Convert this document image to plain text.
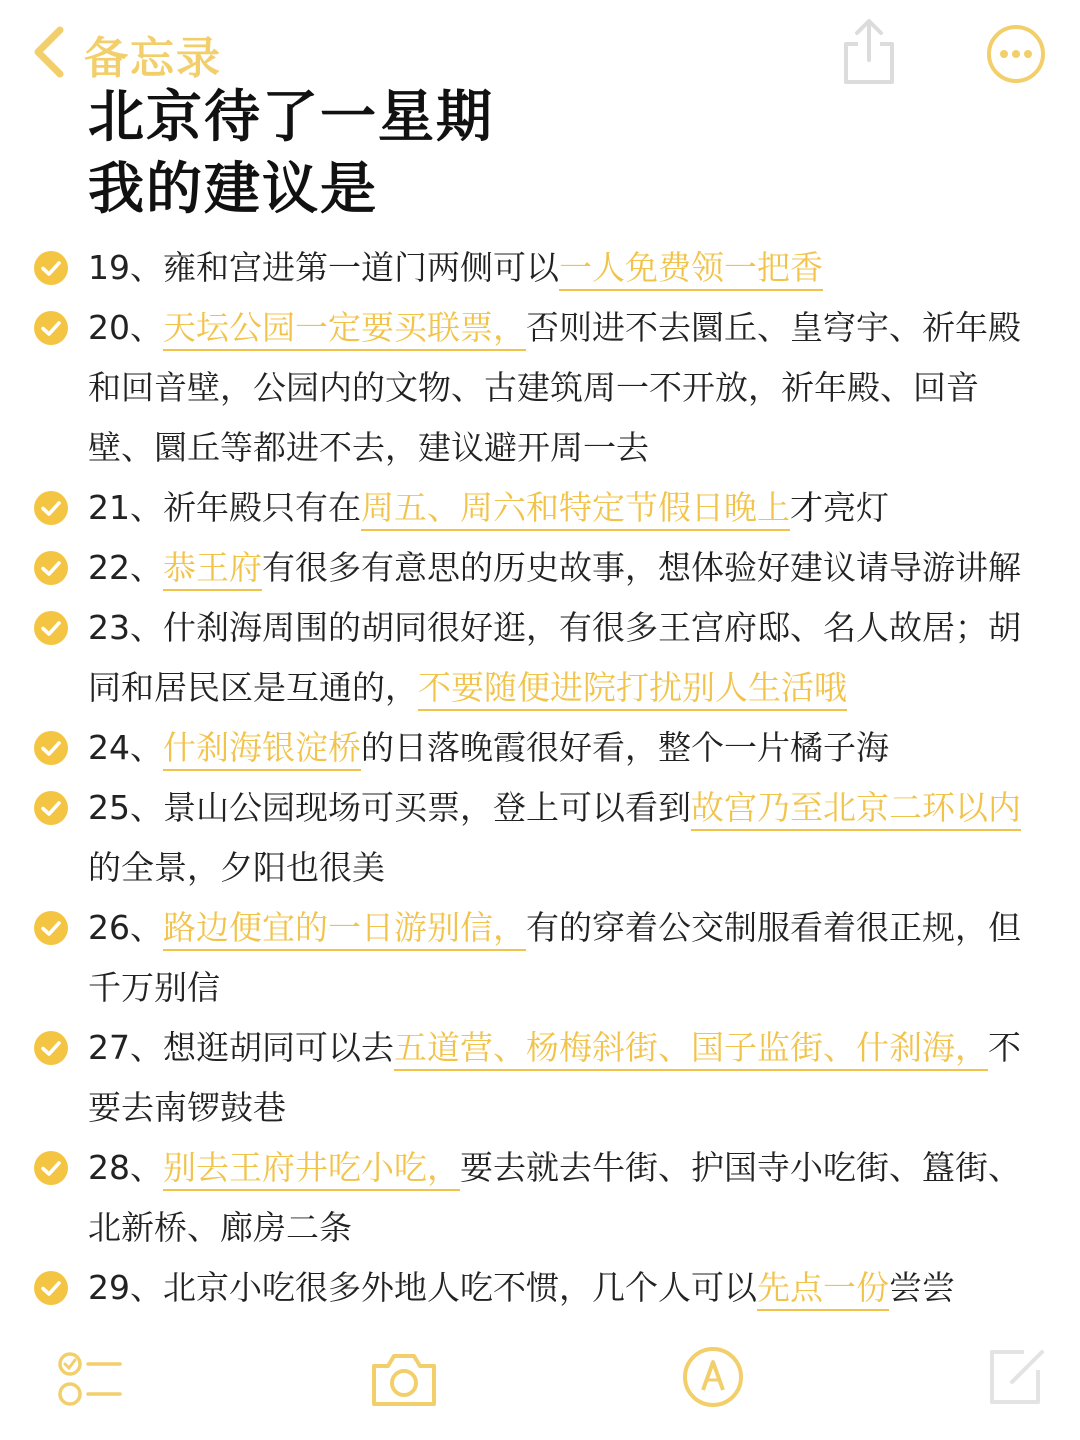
备忘录
北京待了一星期
我的建议是
19、雍和宫进第一道门两侧可以一人免费领一把香
20、天坛公园一定要买联票，否则进不去圜丘、皇穹宇、祈年殿和回音壁，公园内的文物、古建筑周一不开放，祈年殿、回音壁、圜丘等都进不去，建议避开周一去
21、祈年殿只有在周五、周六和特定节假日晚上才亮灯
22、恭王府有很多有意思的历史故事，想体验好建议请导游讲解
23、什刹海周围的胡同很好逛，有很多王宫府邸、名人故居；胡同和居民区是互通的，不要随便进院打扰别人生活哦
24、什刹海银淀桥的日落晚霞很好看，整个一片橘子海
25、景山公园现场可买票，登上可以看到故宫乃至北京二环以内的全景，夕阳也很美
26、路边便宜的一日游别信，有的穿着公交制服看着很正规，但千万别信
27、想逛胡同可以去五道营、杨梅斜街、国子监街、什刹海，不要去南锣鼓巷
28、别去王府井吃小吃，要去就去牛街、护国寺小吃街、簋街、北新桥、廊房二条
29、北京小吃很多外地人吃不惯，几个人可以先点一份尝尝
